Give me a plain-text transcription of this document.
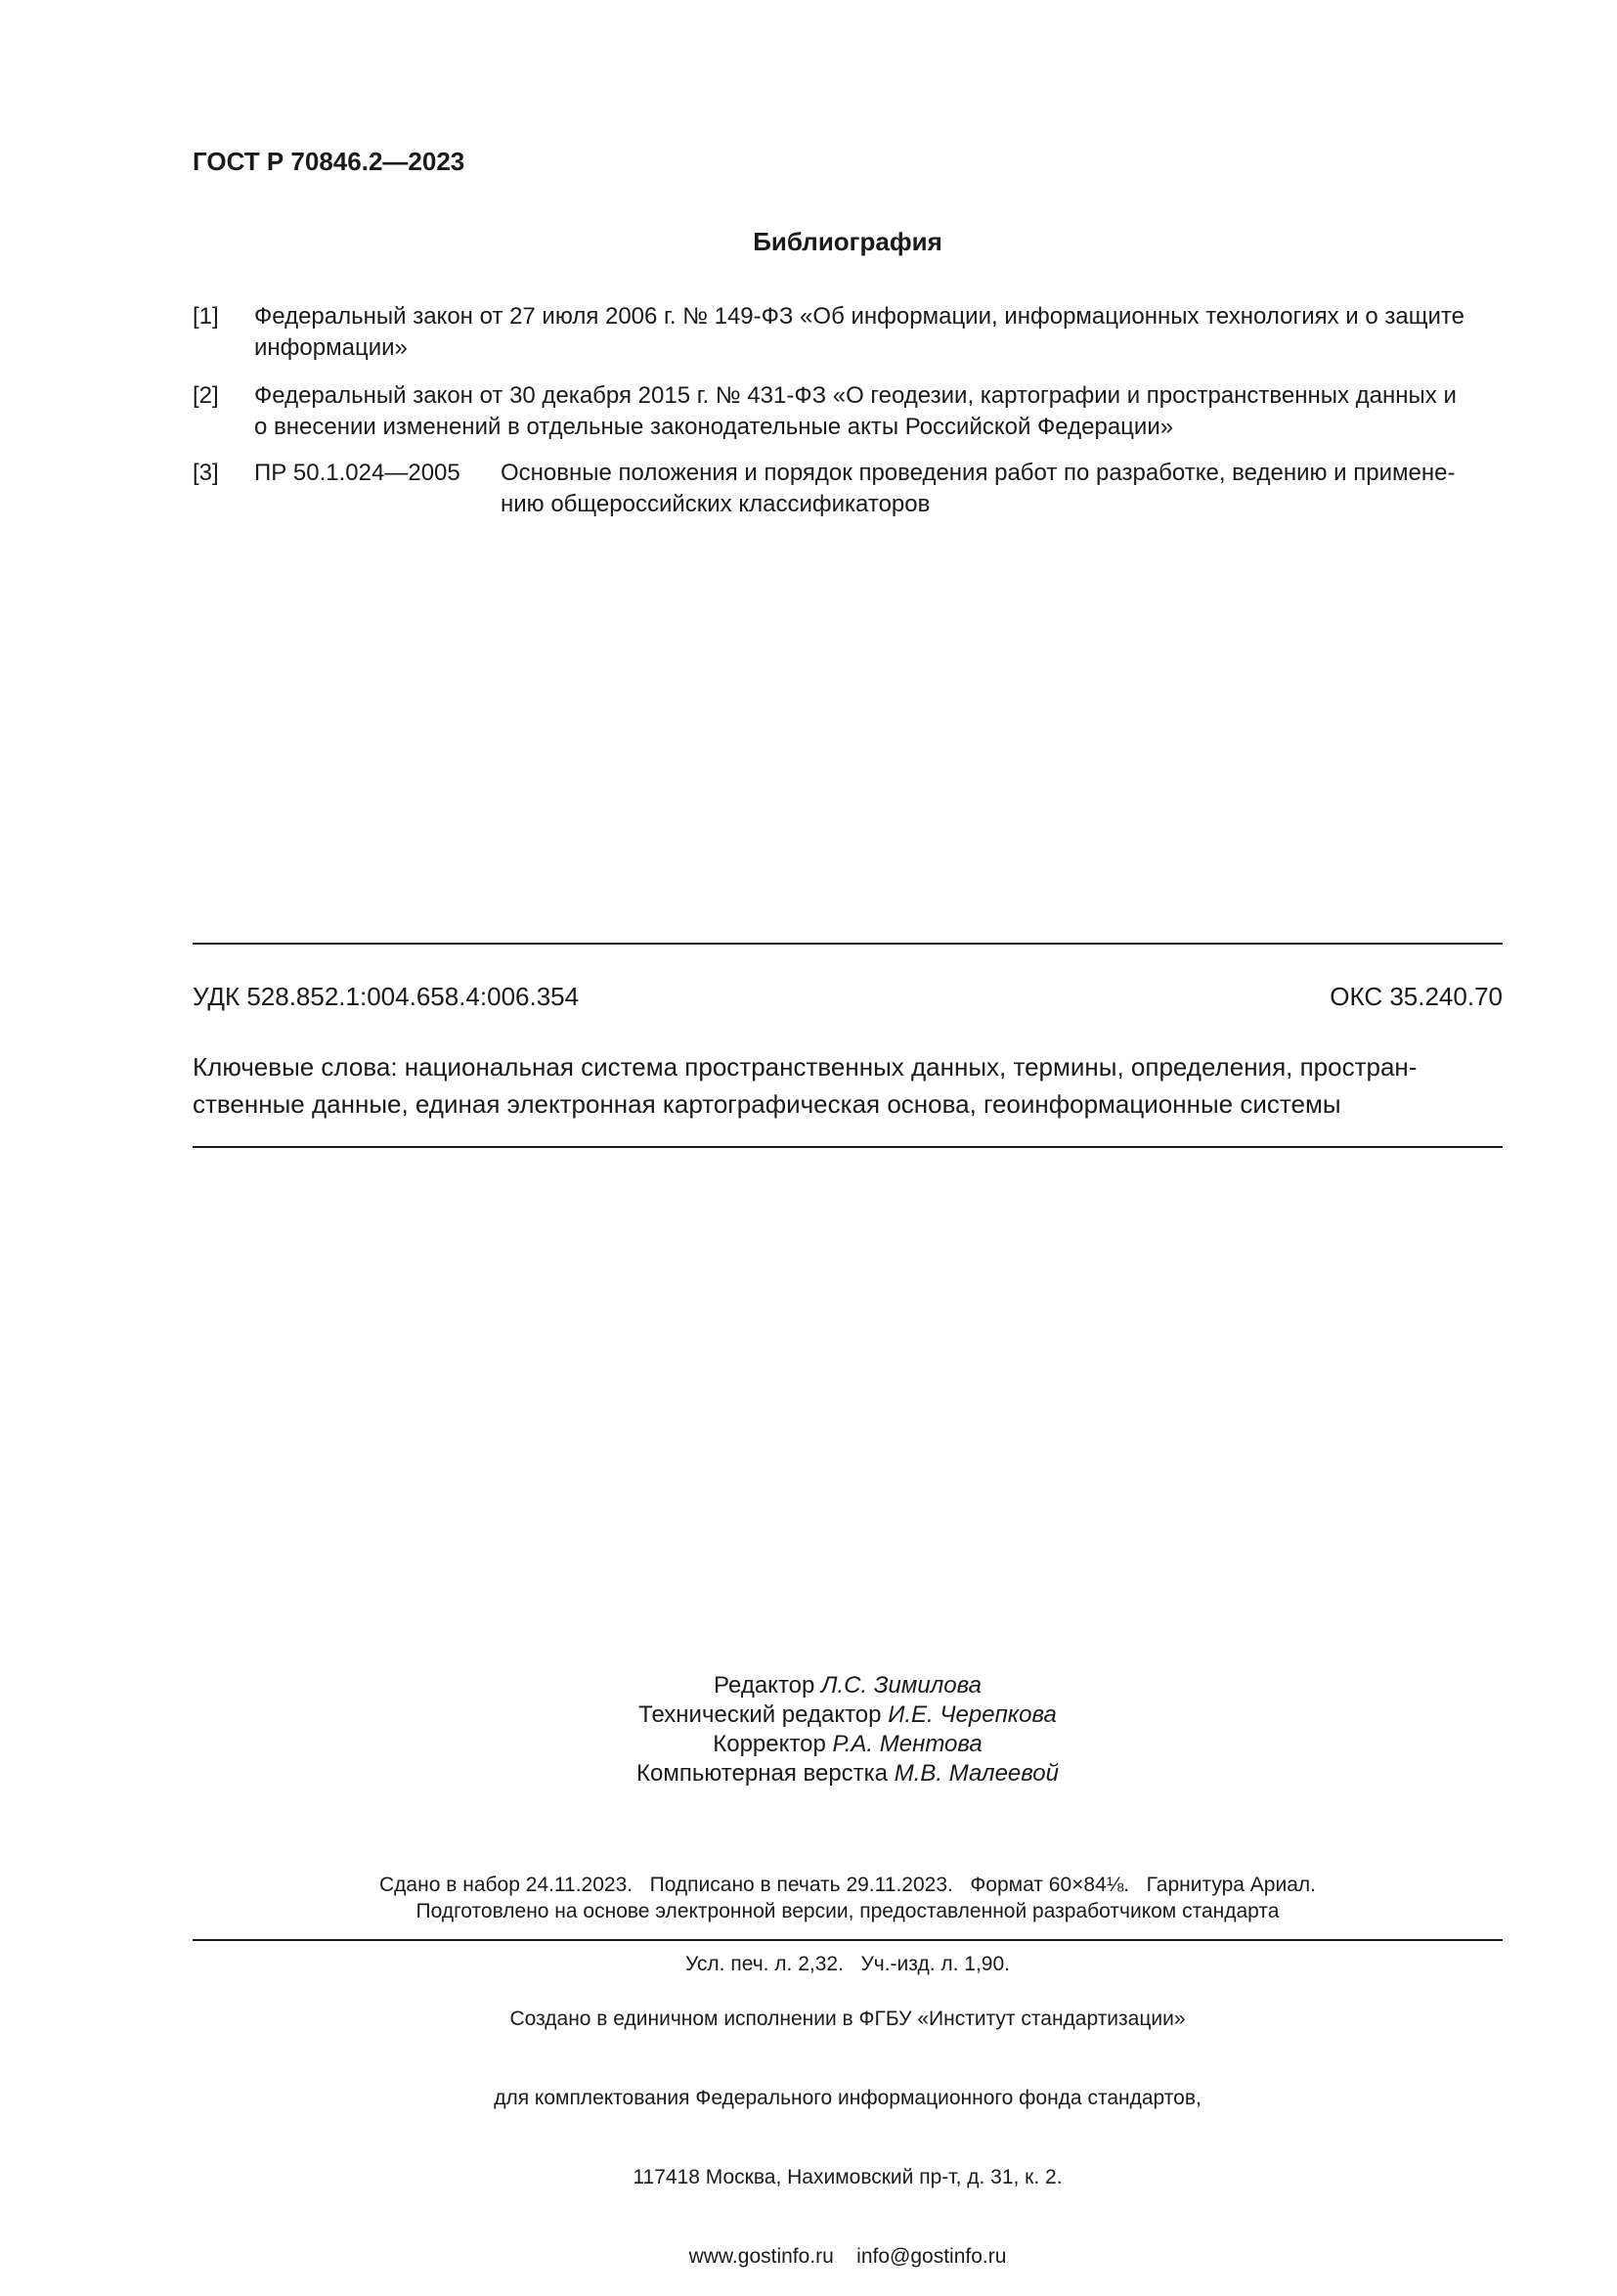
ГОСТ Р 70846.2—2023
Библиография
[1] Федеральный закон от 27 июля 2006 г. № 149-ФЗ «Об информации, информационных технологиях и о защите
информации»
[2] Федеральный закон от 30 декабря 2015 г. № 431-ФЗ «О геодезии, картографии и пространственных данных и
о внесении изменений в отдельные законодательные акты Российской Федерации»
[3] ПР 50.1.024—2005 Основные положения и порядок проведения работ по разработке, ведению и примене-
нию общероссийских классификаторов
УДК 528.852.1:004.658.4:006.354	ОКС 35.240.70
Ключевые слова: национальная система пространственных данных, термины, определения, простран-
ственные данные, единая электронная картографическая основа, геоинформационные системы
Редактор Л.С. Зимилова
Технический редактор И.Е. Черепкова
Корректор Р.А. Ментова
Компьютерная верстка М.В. Малеевой

Сдано в набор 24.11.2023.   Подписано в печать 29.11.2023.   Формат 60×84⅛.   Гарнитура Ариал.

Усл. печ. л. 2,32.   Уч.-изд. л. 1,90.

Подготовлено на основе электронной версии, предоставленной разработчиком стандарта

Создано в единичном исполнении в ФГБУ «Институт стандартизации»

для комплектования Федерального информационного фонда стандартов,

117418 Москва, Нахимовский пр-т, д. 31, к. 2.

www.gostinfo.ru    info@gostinfo.ru
